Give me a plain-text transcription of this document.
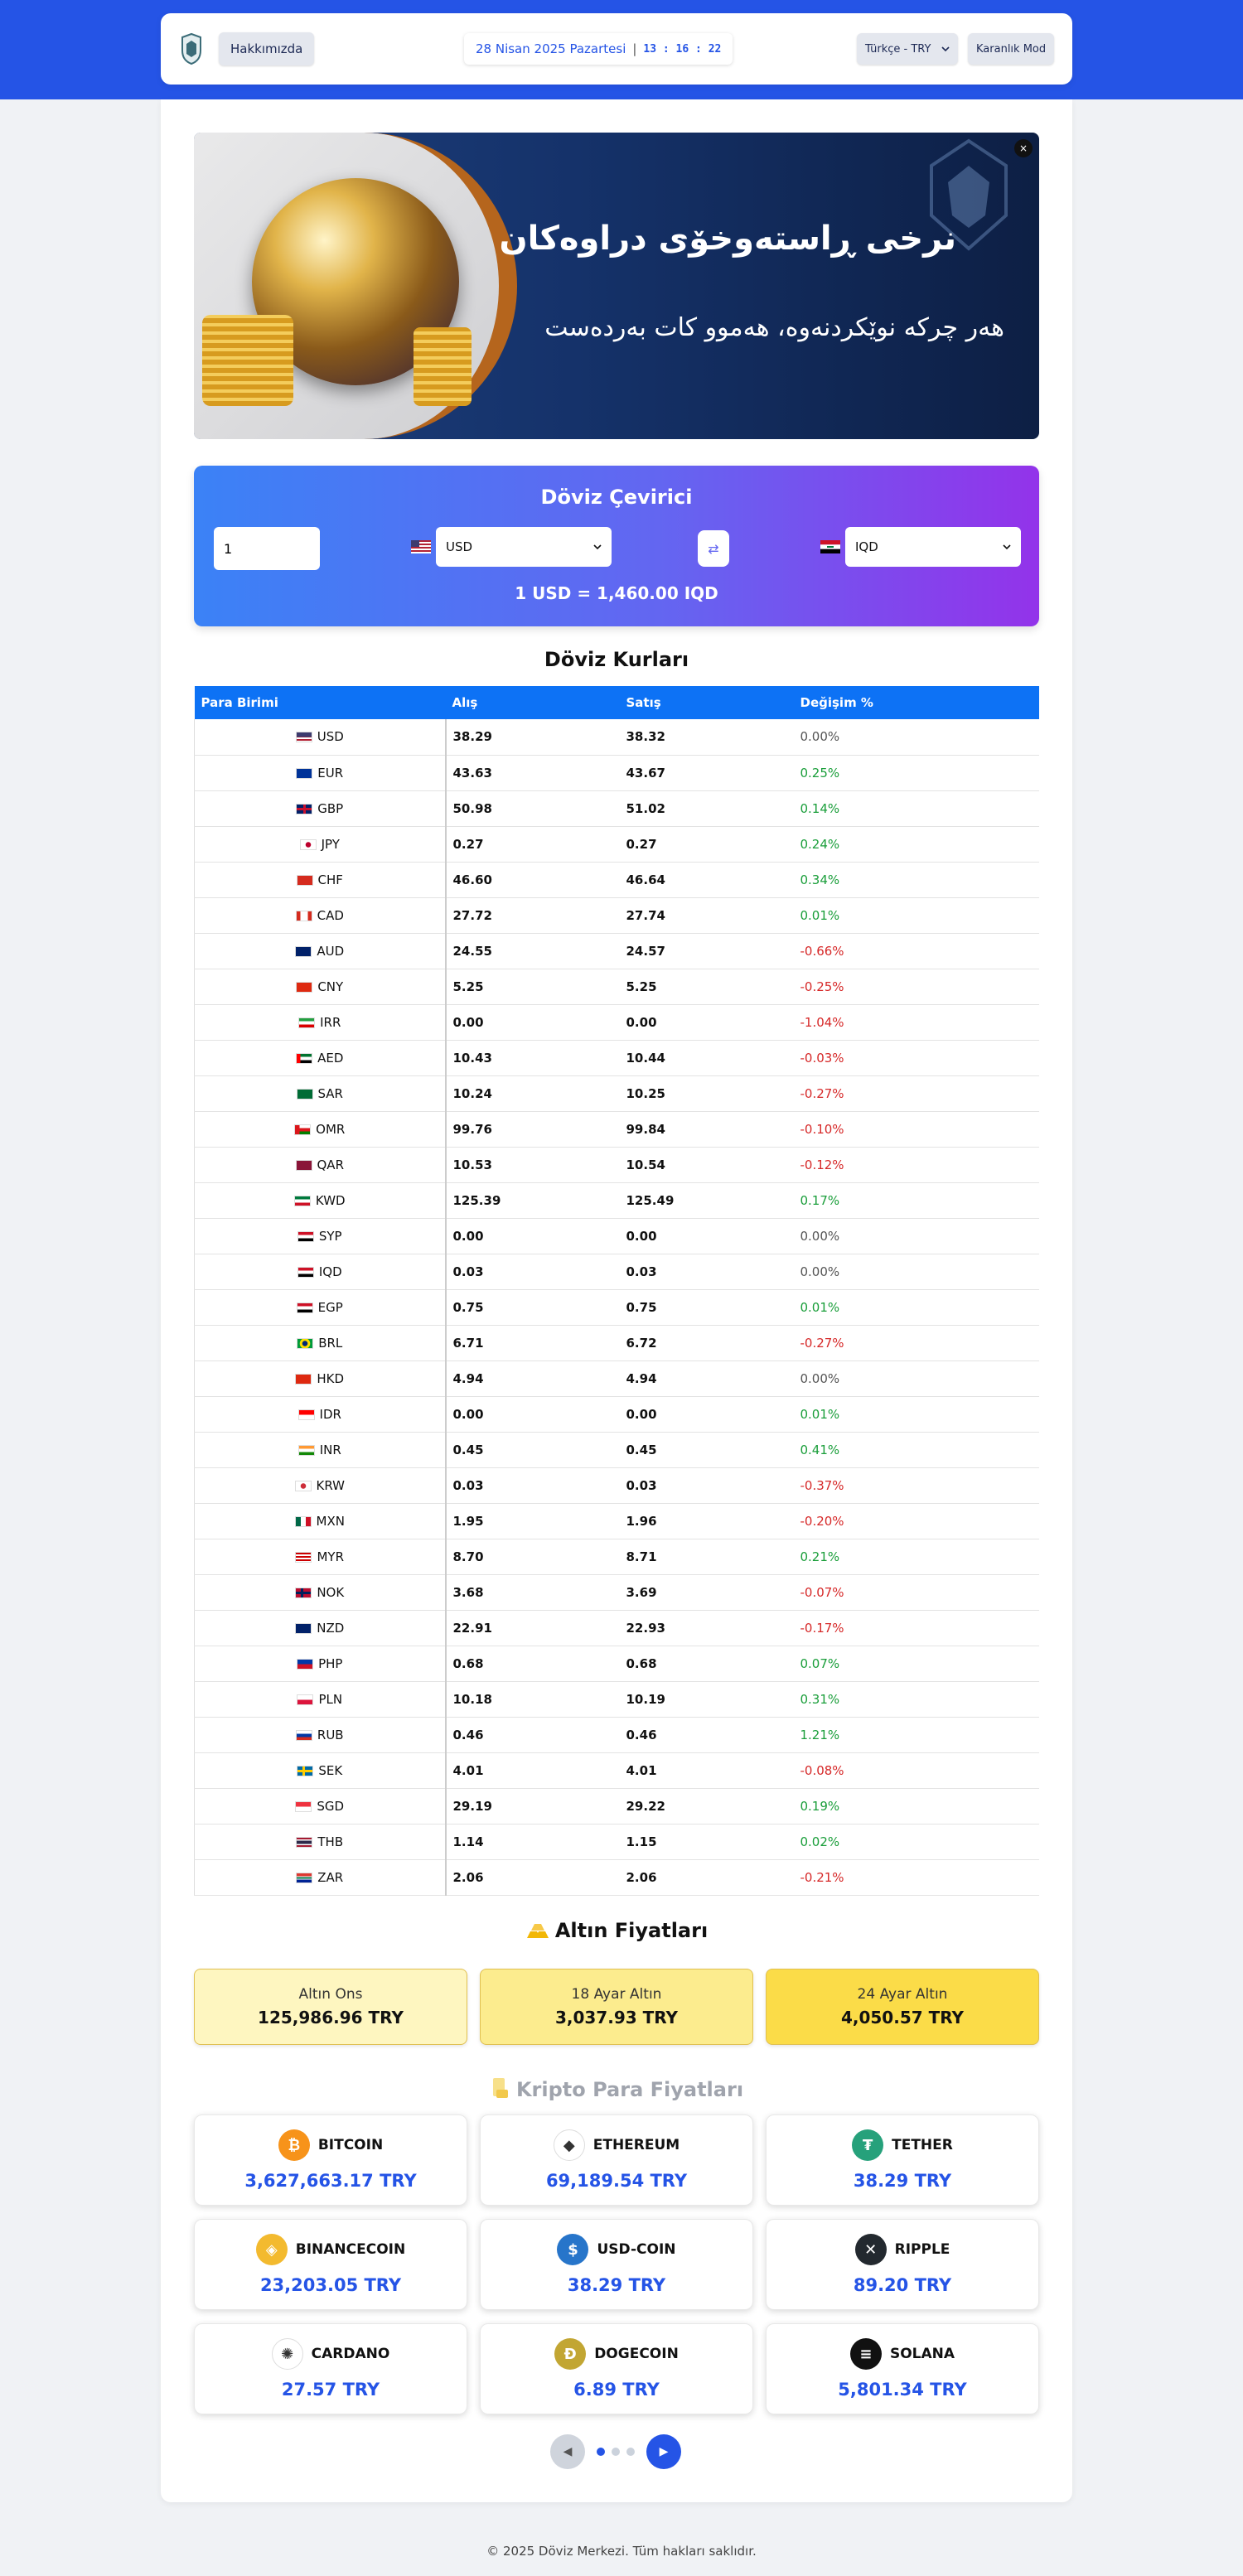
Hakkımızda	28 Nisan 2025 Pazartesi | 13 : 16 : 22	Türkçe - TRY	Karanlık Mod
نرخی ڕاستەوخۆی دراوەکان
هەر چرکە نوێکردنەوە، هەموو کات بەردەست
×
Döviz Çevirici
1
USD	⇄	IQD
1 USD = 1,460.00 IQD
Döviz Kurları
Para Birimi	Alış	Satış	Değişim %
USD	38.29	38.32	0.00%
EUR	43.63	43.67	0.25%
GBP	50.98	51.02	0.14%
JPY	0.27	0.27	0.24%
CHF	46.60	46.64	0.34%
CAD	27.72	27.74	0.01%
AUD	24.55	24.57	-0.66%
CNY	5.25	5.25	-0.25%
IRR	0.00	0.00	-1.04%
AED	10.43	10.44	-0.03%
SAR	10.24	10.25	-0.27%
OMR	99.76	99.84	-0.10%
QAR	10.53	10.54	-0.12%
KWD	125.39	125.49	0.17%
SYP	0.00	0.00	0.00%
IQD	0.03	0.03	0.00%
EGP	0.75	0.75	0.01%
BRL	6.71	6.72	-0.27%
HKD	4.94	4.94	0.00%
IDR	0.00	0.00	0.01%
INR	0.45	0.45	0.41%
KRW	0.03	0.03	-0.37%
MXN	1.95	1.96	-0.20%
MYR	8.70	8.71	0.21%
NOK	3.68	3.69	-0.07%
NZD	22.91	22.93	-0.17%
PHP	0.68	0.68	0.07%
PLN	10.18	10.19	0.31%
RUB	0.46	0.46	1.21%
SEK	4.01	4.01	-0.08%
SGD	29.19	29.22	0.19%
THB	1.14	1.15	0.02%
ZAR	2.06	2.06	-0.21%
Altın Fiyatları
Altın Ons
125,986.96 TRY
18 Ayar Altın
3,037.93 TRY
24 Ayar Altın
4,050.57 TRY
Kripto Para Fiyatları
₿	BITCOIN
3,627,663.17 TRY
◆	ETHEREUM
69,189.54 TRY
₮	TETHER
38.29 TRY
◈	BINANCECOIN
23,203.05 TRY
$	USD-COIN
38.29 TRY
✕	RIPPLE
89.20 TRY
✺	CARDANO
27.57 TRY
Ð	DOGECOIN
6.89 TRY
≡	SOLANA
5,801.34 TRY
◀	▶
© 2025 Döviz Merkezi. Tüm hakları saklıdır.
